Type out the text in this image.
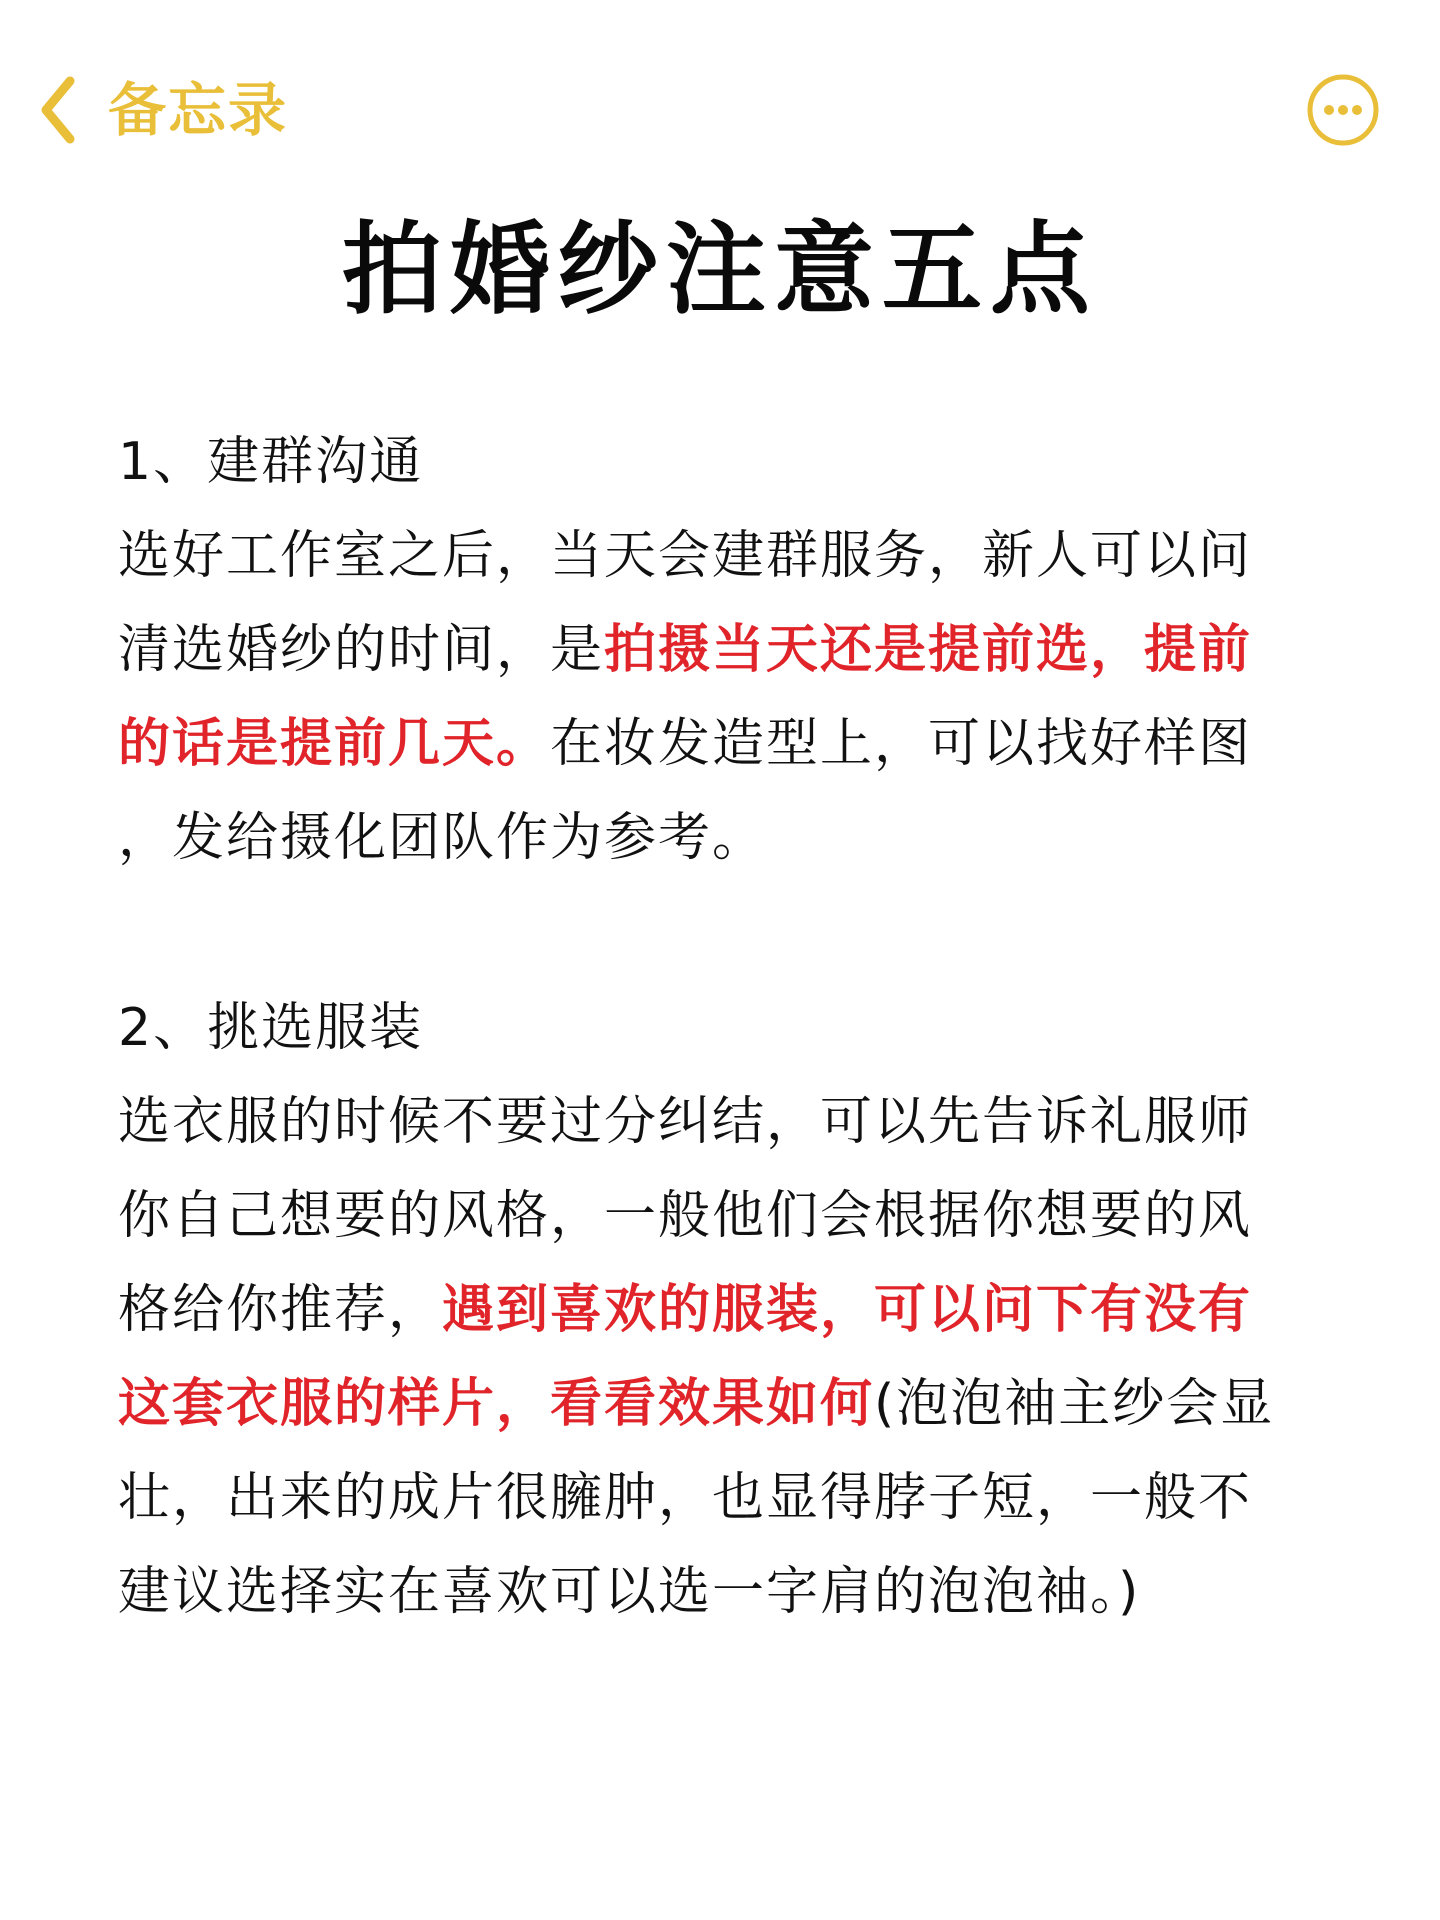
备忘录
拍婚纱注意五点
1、建群沟通
选好工作室之后，当天会建群服务，新人可以问
清选婚纱的时间，是拍摄当天还是提前选，提前
的话是提前几天。在妆发造型上，可以找好样图
，发给摄化团队作为参考。
2、挑选服装
选衣服的时候不要过分纠结，可以先告诉礼服师
你自己想要的风格，一般他们会根据你想要的风
格给你推荐，遇到喜欢的服装，可以问下有没有
这套衣服的样片，看看效果如何(泡泡袖主纱会显
壮，出来的成片很臃肿，也显得脖子短，一般不
建议选择实在喜欢可以选一字肩的泡泡袖。)
